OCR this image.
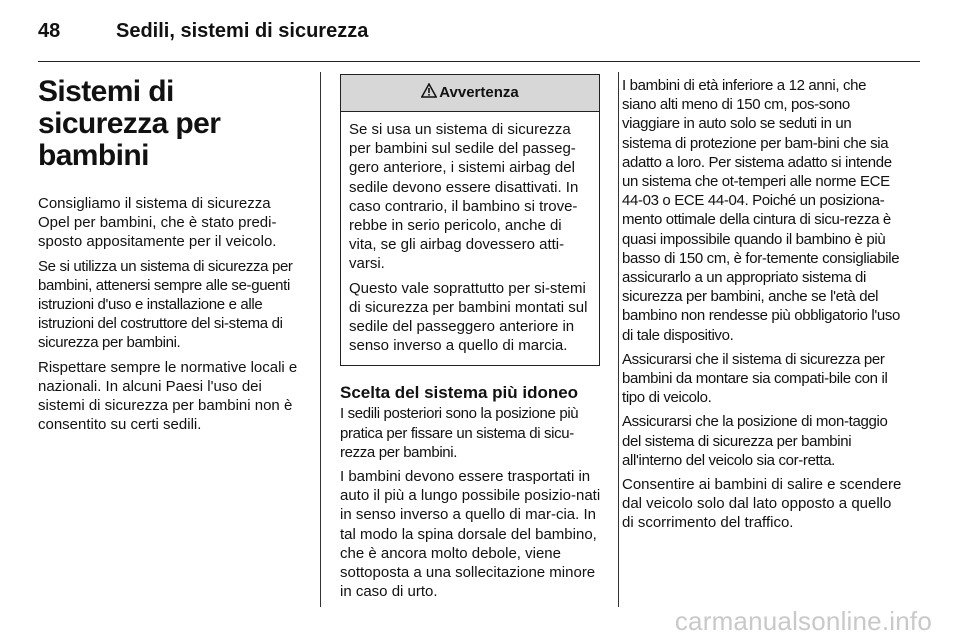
48	Sedili, sistemi di sicurezza
Sistemi di sicurezza per bambini

Consigliamo il sistema di sicurezza Opel per bambini, che è stato predi-sposto appositamente per il veicolo.

Se si utilizza un sistema di sicurezza per bambini, attenersi sempre alle se-guenti istruzioni d'uso e installazione e alle istruzioni del costruttore del si-stema di sicurezza per bambini.

Rispettare sempre le normative locali e nazionali. In alcuni Paesi l'uso dei sistemi di sicurezza per bambini non è consentito su certi sedili.

Avvertenza

Se si usa un sistema di sicurezza per bambini sul sedile del passeg-gero anteriore, i sistemi airbag del sedile devono essere disattivati. In caso contrario, il bambino si trove-rebbe in serio pericolo, anche di vita, se gli airbag dovessero atti-varsi.

Questo vale soprattutto per si-stemi di sicurezza per bambini montati sul sedile del passeggero anteriore in senso inverso a quello di marcia.

Scelta del sistema più idoneo

I sedili posteriori sono la posizione più pratica per fissare un sistema di sicu-rezza per bambini.

I bambini devono essere trasportati in auto il più a lungo possibile posizio-nati in senso inverso a quello di mar-cia. In tal modo la spina dorsale del bambino, che è ancora molto debole, viene sottoposta a una sollecitazione minore in caso di urto.

I bambini di età inferiore a 12 anni, che siano alti meno di 150 cm, pos-sono viaggiare in auto solo se seduti in un sistema di protezione per bam-bini che sia adatto a loro. Per sistema adatto si intende un sistema che ot-temperi alle norme ECE 44-03 o ECE 44-04. Poiché un posiziona-mento ottimale della cintura di sicu-rezza è quasi impossibile quando il bambino è più basso di 150 cm, è for-temente consigliabile assicurarlo a un appropriato sistema di sicurezza per bambini, anche se l'età del bambino non rendesse più obbligatorio l'uso di tale dispositivo.

Assicurarsi che il sistema di sicurezza per bambini da montare sia compati-bile con il tipo di veicolo.

Assicurarsi che la posizione di mon-taggio del sistema di sicurezza per bambini all'interno del veicolo sia cor-retta.

Consentire ai bambini di salire e scendere dal veicolo solo dal lato opposto a quello di scorrimento del traffico.

carmanualsonline.info
